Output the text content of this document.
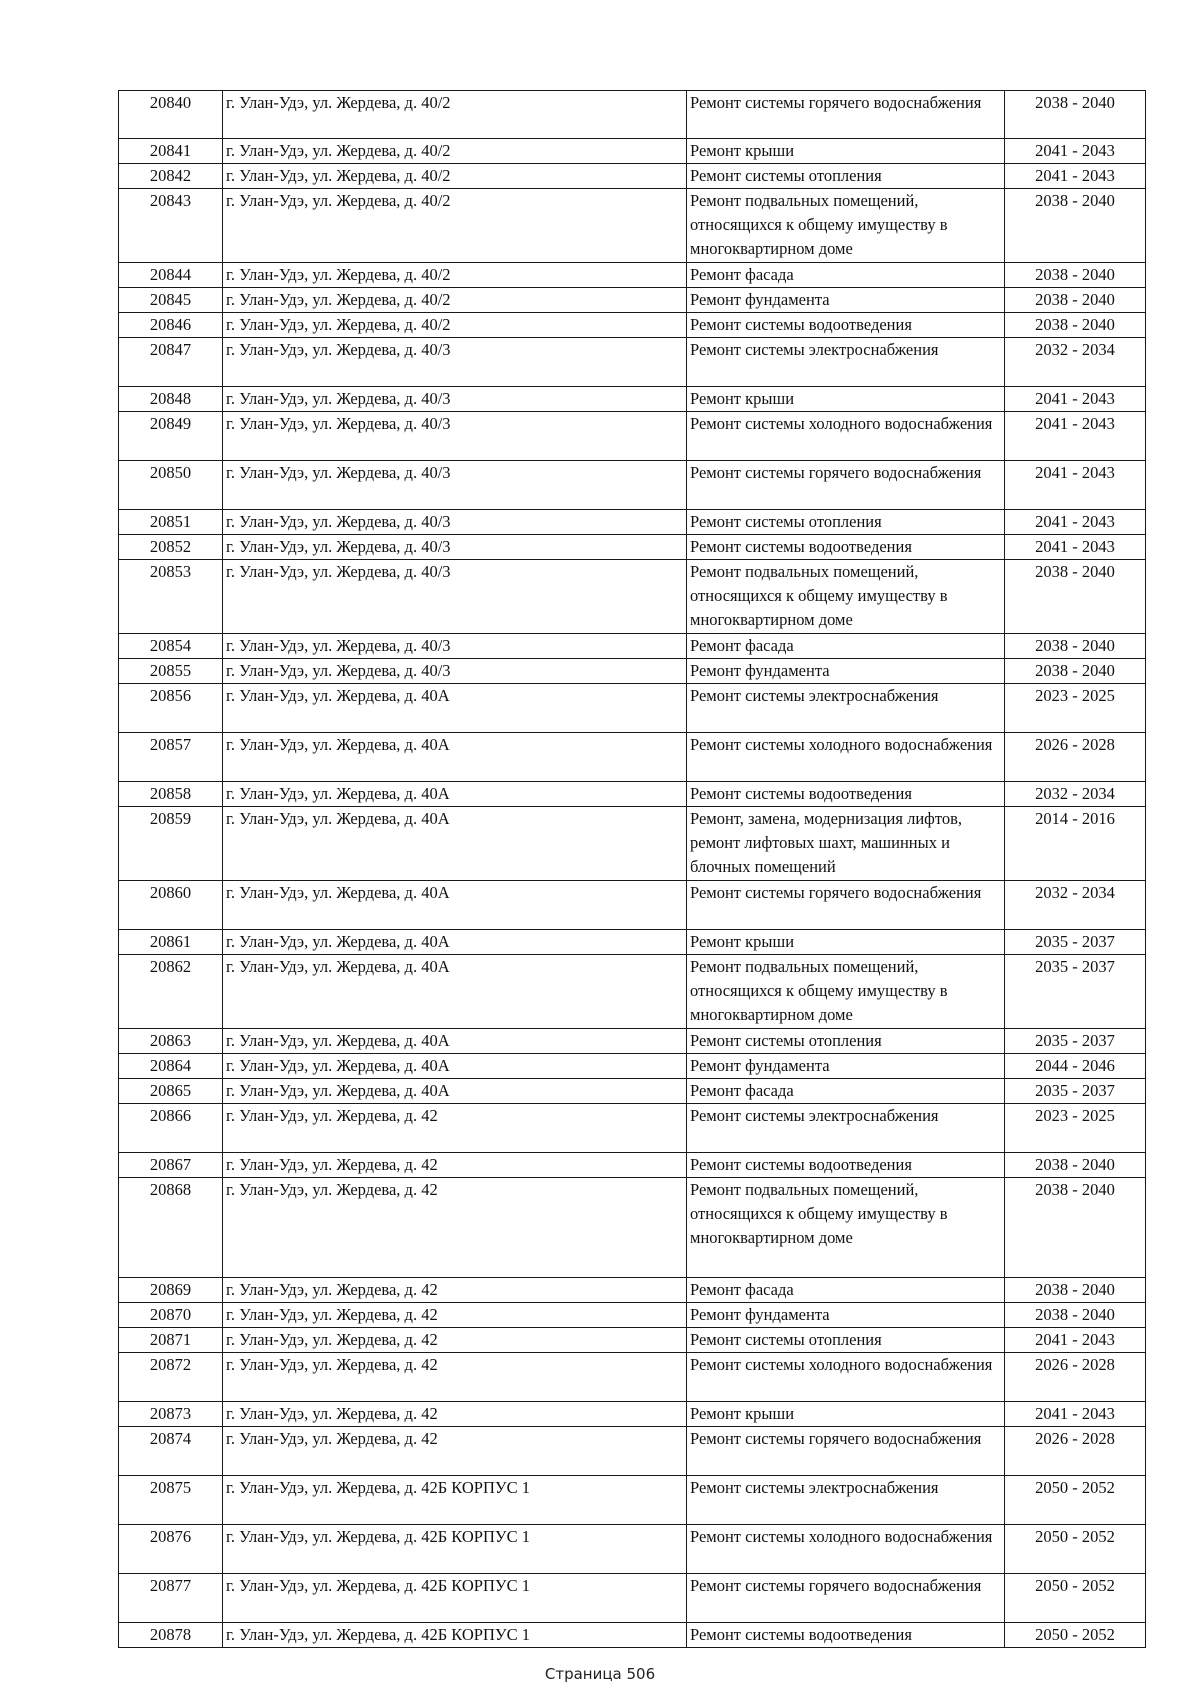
20840	г. Улан-Удэ, ул. Жердева, д. 40/2	Ремонт системы горячего водоснабжения	2038 - 2040
20841	г. Улан-Удэ, ул. Жердева, д. 40/2	Ремонт крыши	2041 - 2043
20842	г. Улан-Удэ, ул. Жердева, д. 40/2	Ремонт системы отопления	2041 - 2043
20843	г. Улан-Удэ, ул. Жердева, д. 40/2	Ремонт подвальных помещений, относящихся к общему имуществу в многоквартирном доме	2038 - 2040
20844	г. Улан-Удэ, ул. Жердева, д. 40/2	Ремонт фасада	2038 - 2040
20845	г. Улан-Удэ, ул. Жердева, д. 40/2	Ремонт фундамента	2038 - 2040
20846	г. Улан-Удэ, ул. Жердева, д. 40/2	Ремонт системы водоотведения	2038 - 2040
20847	г. Улан-Удэ, ул. Жердева, д. 40/3	Ремонт системы электроснабжения	2032 - 2034
20848	г. Улан-Удэ, ул. Жердева, д. 40/3	Ремонт крыши	2041 - 2043
20849	г. Улан-Удэ, ул. Жердева, д. 40/3	Ремонт системы холодного водоснабжения	2041 - 2043
20850	г. Улан-Удэ, ул. Жердева, д. 40/3	Ремонт системы горячего водоснабжения	2041 - 2043
20851	г. Улан-Удэ, ул. Жердева, д. 40/3	Ремонт системы отопления	2041 - 2043
20852	г. Улан-Удэ, ул. Жердева, д. 40/3	Ремонт системы водоотведения	2041 - 2043
20853	г. Улан-Удэ, ул. Жердева, д. 40/3	Ремонт подвальных помещений, относящихся к общему имуществу в многоквартирном доме	2038 - 2040
20854	г. Улан-Удэ, ул. Жердева, д. 40/3	Ремонт фасада	2038 - 2040
20855	г. Улан-Удэ, ул. Жердева, д. 40/3	Ремонт фундамента	2038 - 2040
20856	г. Улан-Удэ, ул. Жердева, д. 40А	Ремонт системы электроснабжения	2023 - 2025
20857	г. Улан-Удэ, ул. Жердева, д. 40А	Ремонт системы холодного водоснабжения	2026 - 2028
20858	г. Улан-Удэ, ул. Жердева, д. 40А	Ремонт системы водоотведения	2032 - 2034
20859	г. Улан-Удэ, ул. Жердева, д. 40А	Ремонт, замена, модернизация лифтов, ремонт лифтовых шахт, машинных и блочных помещений	2014 - 2016
20860	г. Улан-Удэ, ул. Жердева, д. 40А	Ремонт системы горячего водоснабжения	2032 - 2034
20861	г. Улан-Удэ, ул. Жердева, д. 40А	Ремонт крыши	2035 - 2037
20862	г. Улан-Удэ, ул. Жердева, д. 40А	Ремонт подвальных помещений, относящихся к общему имуществу в многоквартирном доме	2035 - 2037
20863	г. Улан-Удэ, ул. Жердева, д. 40А	Ремонт системы отопления	2035 - 2037
20864	г. Улан-Удэ, ул. Жердева, д. 40А	Ремонт фундамента	2044 - 2046
20865	г. Улан-Удэ, ул. Жердева, д. 40А	Ремонт фасада	2035 - 2037
20866	г. Улан-Удэ, ул. Жердева, д. 42	Ремонт системы электроснабжения	2023 - 2025
20867	г. Улан-Удэ, ул. Жердева, д. 42	Ремонт системы водоотведения	2038 - 2040
20868	г. Улан-Удэ, ул. Жердева, д. 42	Ремонт подвальных помещений, относящихся к общему имуществу в многоквартирном доме	2038 - 2040
20869	г. Улан-Удэ, ул. Жердева, д. 42	Ремонт фасада	2038 - 2040
20870	г. Улан-Удэ, ул. Жердева, д. 42	Ремонт фундамента	2038 - 2040
20871	г. Улан-Удэ, ул. Жердева, д. 42	Ремонт системы отопления	2041 - 2043
20872	г. Улан-Удэ, ул. Жердева, д. 42	Ремонт системы холодного водоснабжения	2026 - 2028
20873	г. Улан-Удэ, ул. Жердева, д. 42	Ремонт крыши	2041 - 2043
20874	г. Улан-Удэ, ул. Жердева, д. 42	Ремонт системы горячего водоснабжения	2026 - 2028
20875	г. Улан-Удэ, ул. Жердева, д. 42Б КОРПУС 1	Ремонт системы электроснабжения	2050 - 2052
20876	г. Улан-Удэ, ул. Жердева, д. 42Б КОРПУС 1	Ремонт системы холодного водоснабжения	2050 - 2052
20877	г. Улан-Удэ, ул. Жердева, д. 42Б КОРПУС 1	Ремонт системы горячего водоснабжения	2050 - 2052
20878	г. Улан-Удэ, ул. Жердева, д. 42Б КОРПУС 1	Ремонт системы водоотведения	2050 - 2052
Страница 506
